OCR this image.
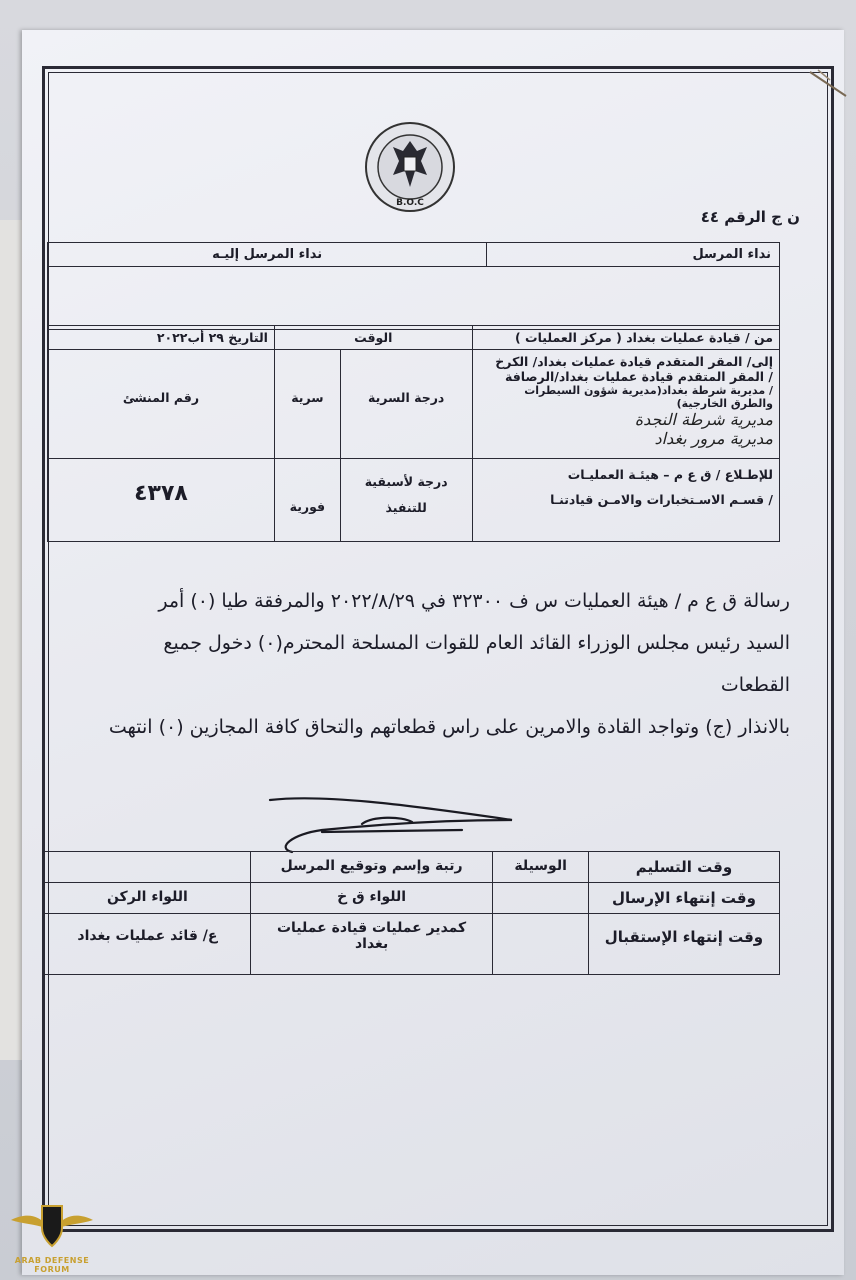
B.O.C
ن ج الرقم ٤٤
نداء المرسل	نداء المرسل إليـه

من / قيادة عمليات بغداد ( مركز العمليات )	الوقت		التاريخ ٢٩ أب٢٠٢٢

إلى/ المقر المتقدم قيادة عمليات بغداد/ الكرخ
/ المقر المتقدم قيادة عمليات بغداد/الرصافة
/ مديرية شرطة بغداد(مديرية شؤون السيطرات والطرق الخارجية)
مديرية شرطة النجدة
مديرية مرور بغداد	درجة السرية	سرية	رقم المنشئ

للإطـلاع / ق ع م – هيئـة العمليـات
/ قسـم الاسـتخبارات والامـن قيادتنـا	درجة لأسبقية للتنفيذ	فورية	٤٣٧٨

رسالة ق ع م / هيئة العمليات س ف ٣٢٣٠٠ في ٢٠٢٢/٨/٢٩ والمرفقة طيا (٠) أمر

السيد رئيس مجلس الوزراء القائد العام للقوات المسلحة المحترم(٠) دخول جميع القطعات

بالانذار (ج) وتواجد القادة والامرين على راس قطعاتهم والتحاق كافة المجازين (٠) انتهت

وقت التسليم	الوسيلة	رتبة وإسم وتوقيع المرسل	
وقت إنتهاء الإرسال		اللواء ق خ	اللواء الركن
وقت إنتهاء الإستقبال		كمدير عمليات قيادة عمليات بغداد	ع/ قائد عمليات بغداد
ARAB DEFENSE FORUM
